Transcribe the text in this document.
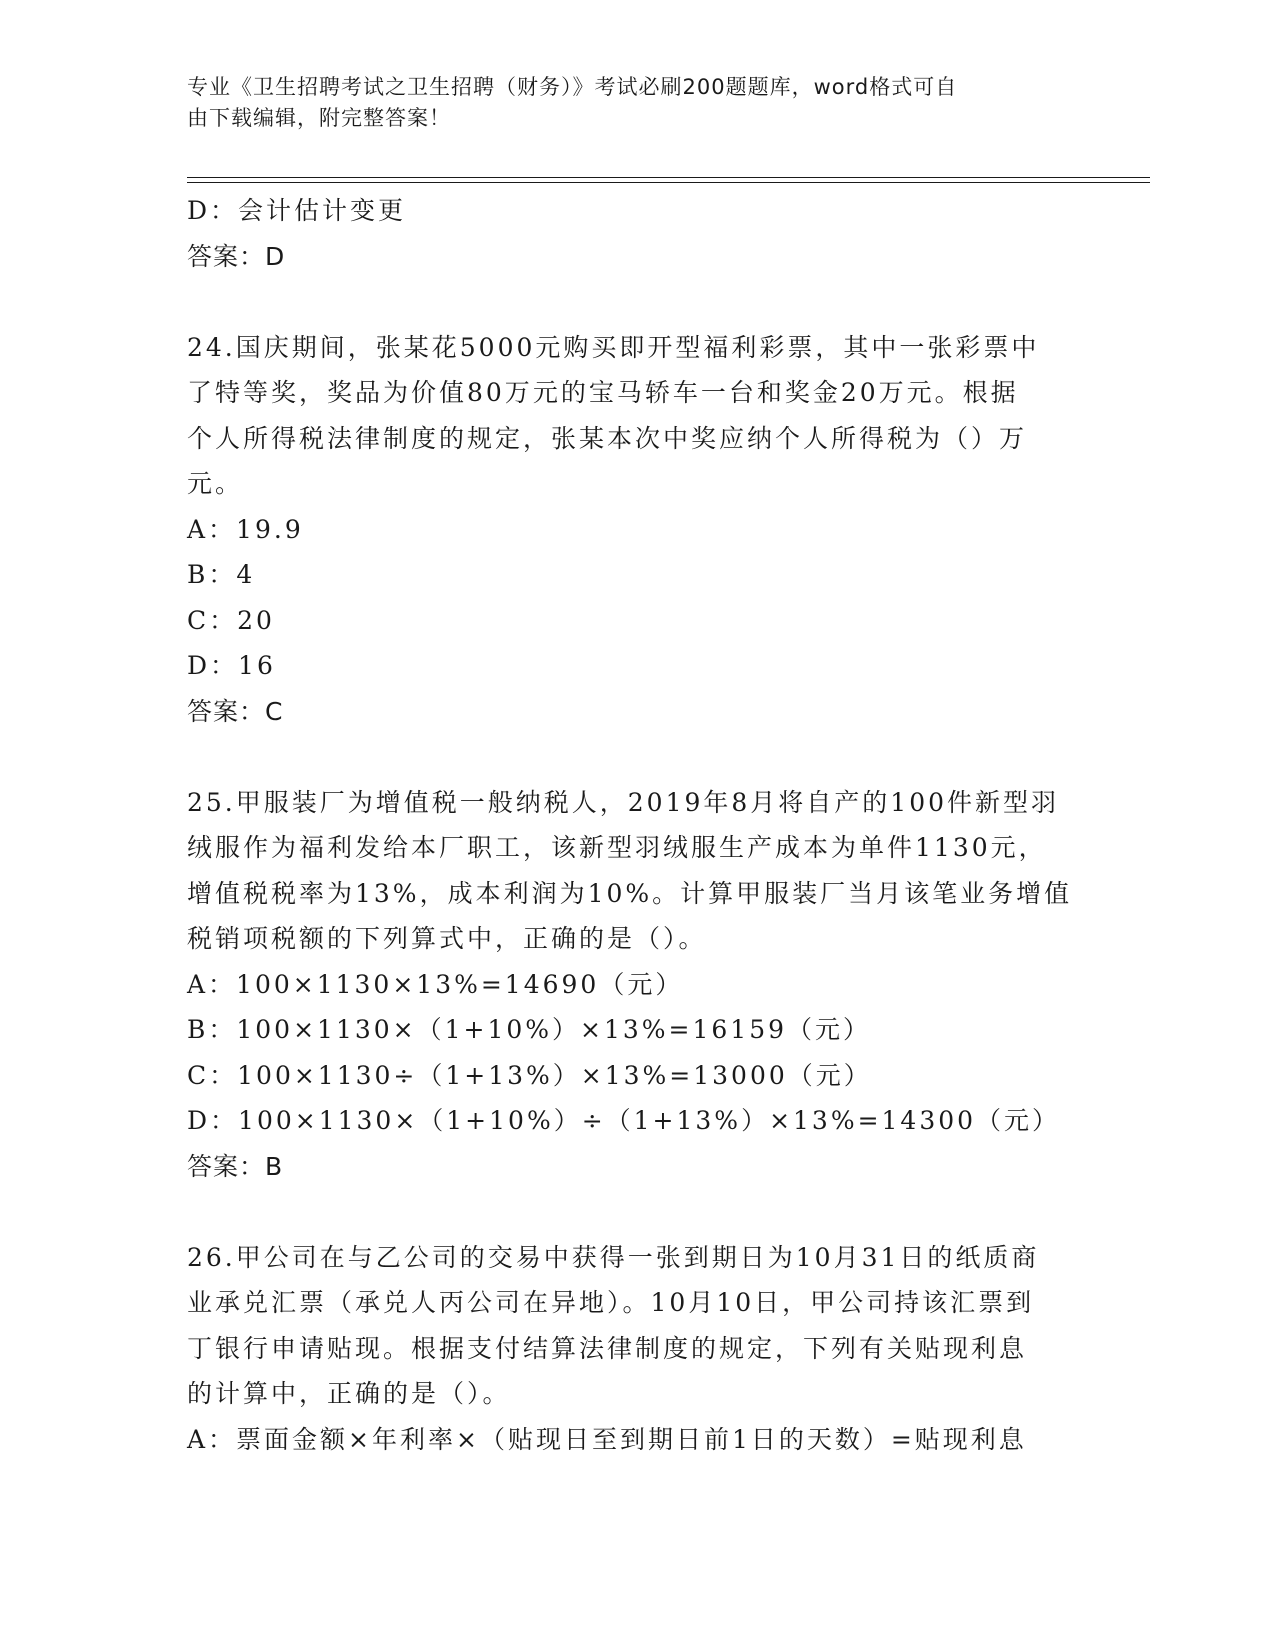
专业《卫生招聘考试之卫生招聘（财务）》考试必刷200题题库，word格式可自
由下载编辑，附完整答案！
D：会计估计变更
答案：D
24.国庆期间，张某花5000元购买即开型福利彩票，其中一张彩票中
了特等奖，奖品为价值80万元的宝马轿车一台和奖金20万元。根据
个人所得税法律制度的规定，张某本次中奖应纳个人所得税为（）万
元。
A：19.9
B：4
C：20
D：16
答案：C
25.甲服装厂为增值税一般纳税人，2019年8月将自产的100件新型羽
绒服作为福利发给本厂职工，该新型羽绒服生产成本为单件1130元，
增值税税率为13%，成本利润为10%。计算甲服装厂当月该笔业务增值
税销项税额的下列算式中，正确的是（）。
A：100×1130×13%=14690（元）
B：100×1130×（1+10%）×13%=16159（元）
C：100×1130÷（1+13%）×13%=13000（元）
D：100×1130×（1+10%）÷（1+13%）×13%=14300（元）
答案：B
26.甲公司在与乙公司的交易中获得一张到期日为10月31日的纸质商
业承兑汇票（承兑人丙公司在异地）。10月10日，甲公司持该汇票到
丁银行申请贴现。根据支付结算法律制度的规定，下列有关贴现利息
的计算中，正确的是（）。
A：票面金额×年利率×（贴现日至到期日前1日的天数）=贴现利息
